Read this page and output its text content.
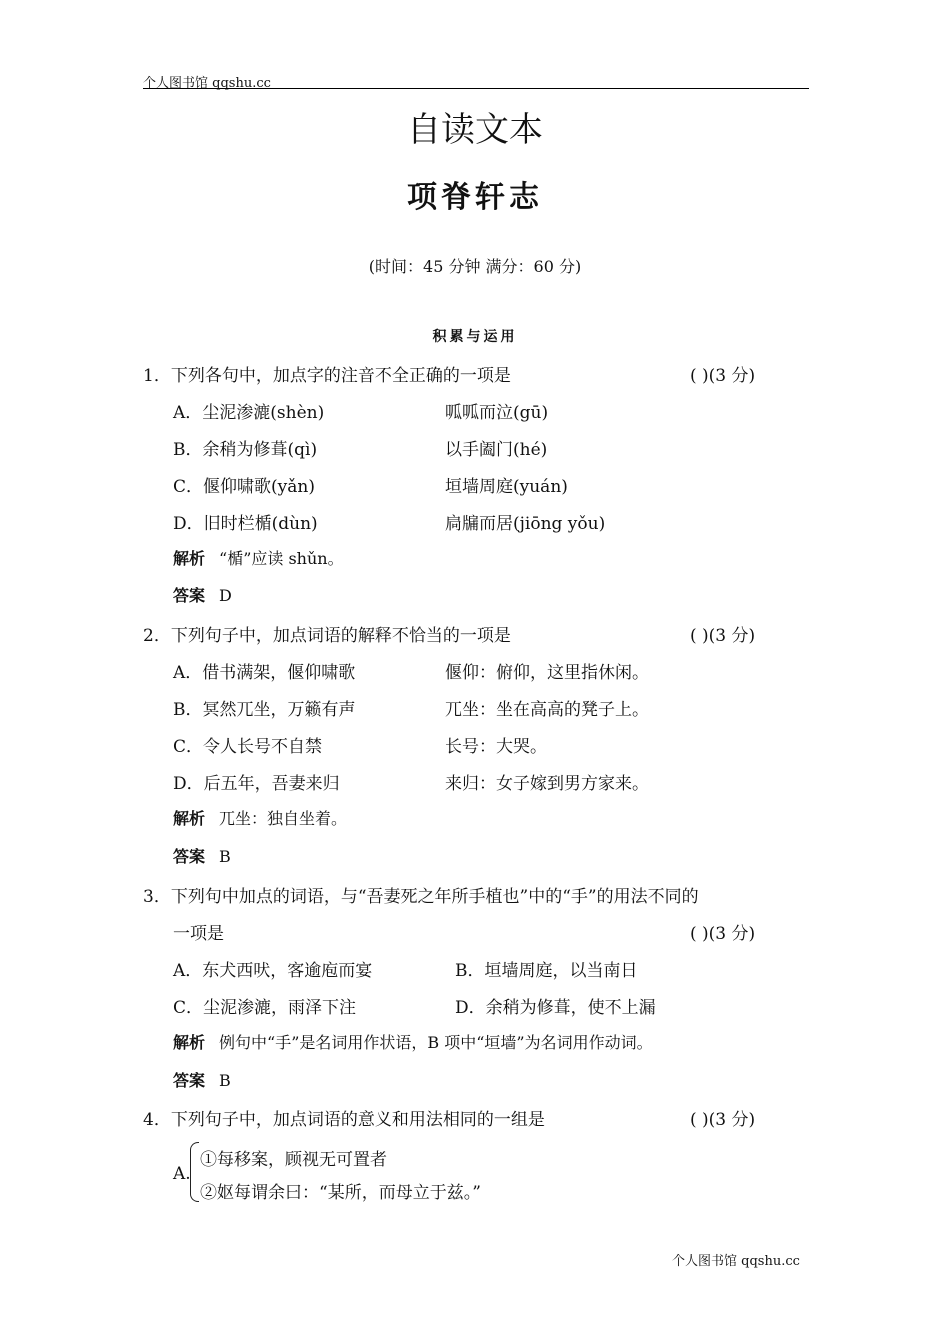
个人图书馆 qqshu.cc
自读文本
项脊轩志
(时间：45 分钟 满分：60 分)
积累与运用
1．下列各句中，加点字的注音不全正确的一项是	( )(3 分)
A．尘泥渗漉(shèn)	呱呱而泣(gū)
B．余稍为修葺(qì)	以手阖门(hé)
C．偃仰啸歌(yǎn)	垣墙周庭(yuán)
D．旧时栏楯(dùn)	扃牖而居(jiōng yǒu)
解析 “楯”应读 shǔn。
答案 D
2．下列句子中，加点词语的解释不恰当的一项是	( )(3 分)
A．借书满架，偃仰啸歌	偃仰：俯仰，这里指休闲。
B．冥然兀坐，万籁有声	兀坐：坐在高高的凳子上。
C．令人长号不自禁	长号：大哭。
D．后五年，吾妻来归	来归：女子嫁到男方家来。
解析 兀坐：独自坐着。
答案 B
3．下列句中加点的词语，与“吾妻死之年所手植也”中的“手”的用法不同的
一项是	( )(3 分)
A．东犬西吠，客逾庖而宴	B．垣墙周庭，以当南日
C．尘泥渗漉，雨泽下注	D．余稍为修葺，使不上漏
解析 例句中“手”是名词用作状语，B 项中“垣墙”为名词用作动词。
答案 B
4．下列句子中，加点词语的意义和用法相同的一组是	( )(3 分)
A.
①每移案，顾视无可置者
②妪每谓余曰：“某所，而母立于兹。”
个人图书馆 qqshu.cc
